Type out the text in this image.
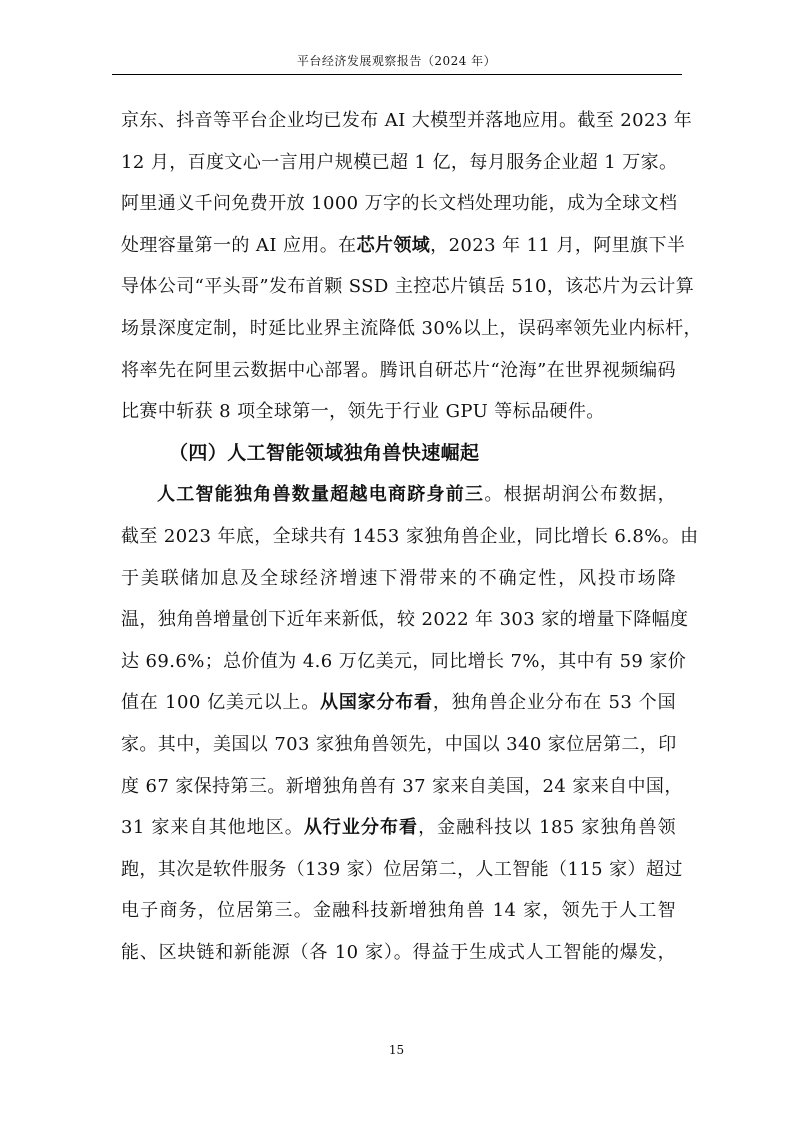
平台经济发展观察报告（2024 年）
京东、抖音等平台企业均已发布 AI 大模型并落地应用。截至 2023 年
12 月，百度文心一言用户规模已超 1 亿，每月服务企业超 1 万家。
阿里通义千问免费开放 1000 万字的长文档处理功能，成为全球文档
处理容量第一的 AI 应用。在芯片领域，2023 年 11 月，阿里旗下半
导体公司“平头哥”发布首颗 SSD 主控芯片镇岳 510，该芯片为云计算
场景深度定制，时延比业界主流降低 30%以上，误码率领先业内标杆，
将率先在阿里云数据中心部署。腾讯自研芯片“沧海”在世界视频编码
比赛中斩获 8 项全球第一，领先于行业 GPU 等标品硬件。
（四）人工智能领域独角兽快速崛起
人工智能独角兽数量超越电商跻身前三。根据胡润公布数据，
截至 2023 年底，全球共有 1453 家独角兽企业，同比增长 6.8%。由
于美联储加息及全球经济增速下滑带来的不确定性，风投市场降
温，独角兽增量创下近年来新低，较 2022 年 303 家的增量下降幅度
达 69.6%；总价值为 4.6 万亿美元，同比增长 7%，其中有 59 家价
值在 100 亿美元以上。从国家分布看，独角兽企业分布在 53 个国
家。其中，美国以 703 家独角兽领先，中国以 340 家位居第二，印
度 67 家保持第三。新增独角兽有 37 家来自美国，24 家来自中国，
31 家来自其他地区。从行业分布看，金融科技以 185 家独角兽领
跑，其次是软件服务（139 家）位居第二，人工智能（115 家）超过
电子商务，位居第三。金融科技新增独角兽 14 家，领先于人工智
能、区块链和新能源（各 10 家）。得益于生成式人工智能的爆发，
15
